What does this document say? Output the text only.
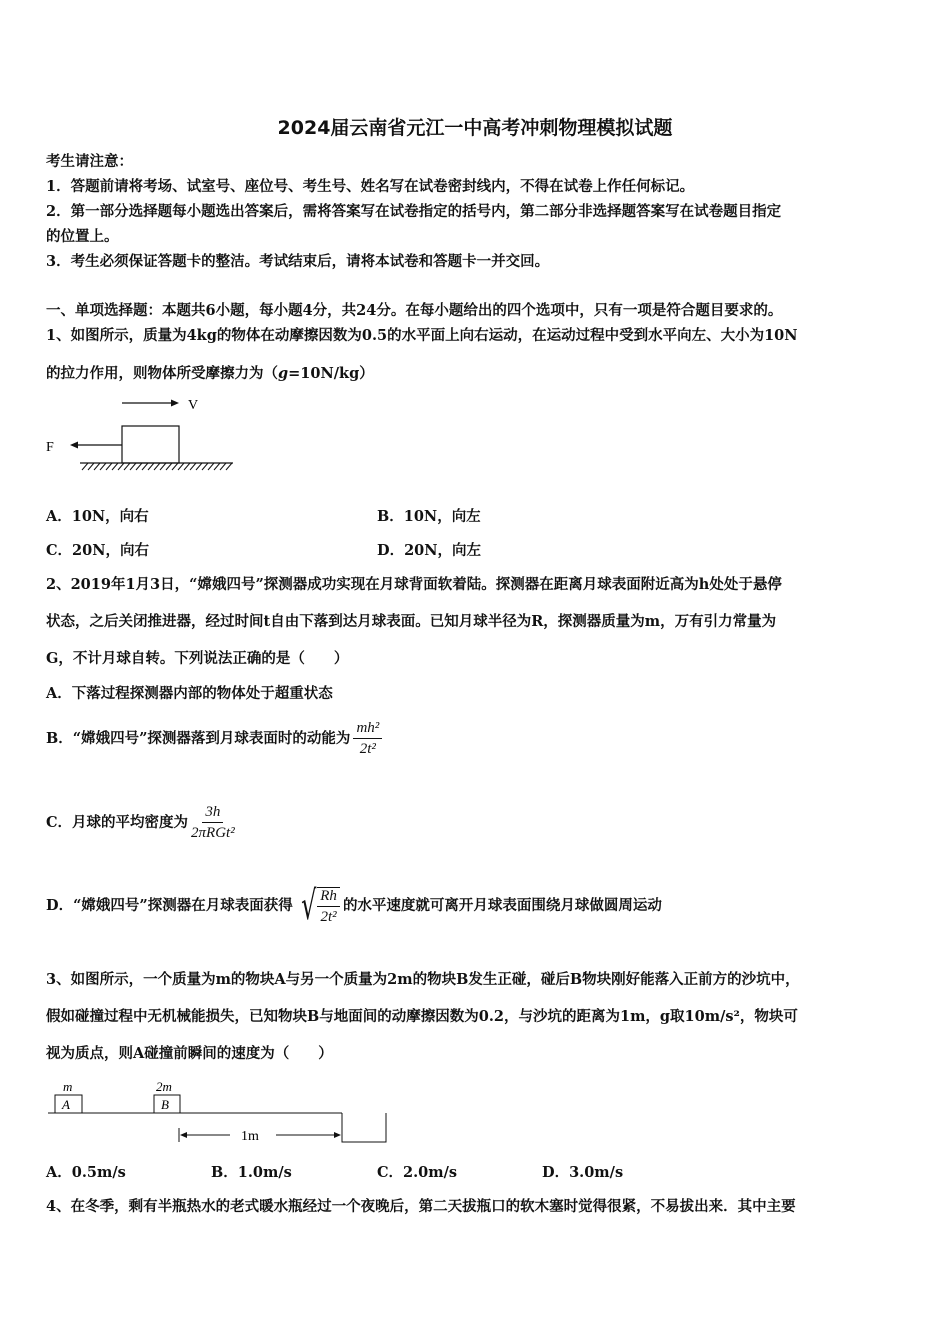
2024届云南省元江一中高考冲刺物理模拟试题
考生请注意：
1．答题前请将考场、试室号、座位号、考生号、姓名写在试卷密封线内，不得在试卷上作任何标记。
2．第一部分选择题每小题选出答案后，需将答案写在试卷指定的括号内，第二部分非选择题答案写在试卷题目指定
的位置上。
3．考生必须保证答题卡的整洁。考试结束后，请将本试卷和答题卡一并交回。
一、单项选择题：本题共6小题，每小题4分，共24分。在每小题给出的四个选项中，只有一项是符合题目要求的。
1、如图所示，质量为4kg的物体在动摩擦因数为0.5的水平面上向右运动，在运动过程中受到水平向左、大小为10N
的拉力作用，则物体所受摩擦力为（g=10N/kg）
V
F
A．10N，向右	B．10N，向左
C．20N，向右	D．20N，向左
2、2019年1月3日，“嫦娥四号”探测器成功实现在月球背面软着陆。探测器在距离月球表面附近高为h处处于悬停
状态，之后关闭推进器，经过时间t自由下落到达月球表面。已知月球半径为R，探测器质量为m，万有引力常量为
G，不计月球自转。下列说法正确的是（　　）
A．下落过程探测器内部的物体处于超重状态
B．“嫦娥四号”探测器落到月球表面时的动能为 $\frac{\text{mh²}}{\text{2t²}}$
C．月球的平均密度为 $\frac{3h}{\text{2πRGt²}}$
D．“嫦娥四号”探测器在月球表面获得 √ $\frac{Rh}{\text{2t²}}$ 的水平速度就可离开月球表面围绕月球做圆周运动
3、如图所示，一个质量为m的物块A与另一个质量为2m的物块B发生正碰，碰后B物块刚好能落入正前方的沙坑中，
假如碰撞过程中无机械能损失，已知物块B与地面间的动摩擦因数为0.2，与沙坑的距离为1m，g取10m/s²，物块可
视为质点，则A碰撞前瞬间的速度为（　　）
m
A
2m
B
1m
A．0.5m/s	B．1.0m/s	C．2.0m/s	D．3.0m/s
4、在冬季，剩有半瓶热水的老式暖水瓶经过一个夜晚后，第二天拔瓶口的软木塞时觉得很紧，不易拔出来．其中主要
